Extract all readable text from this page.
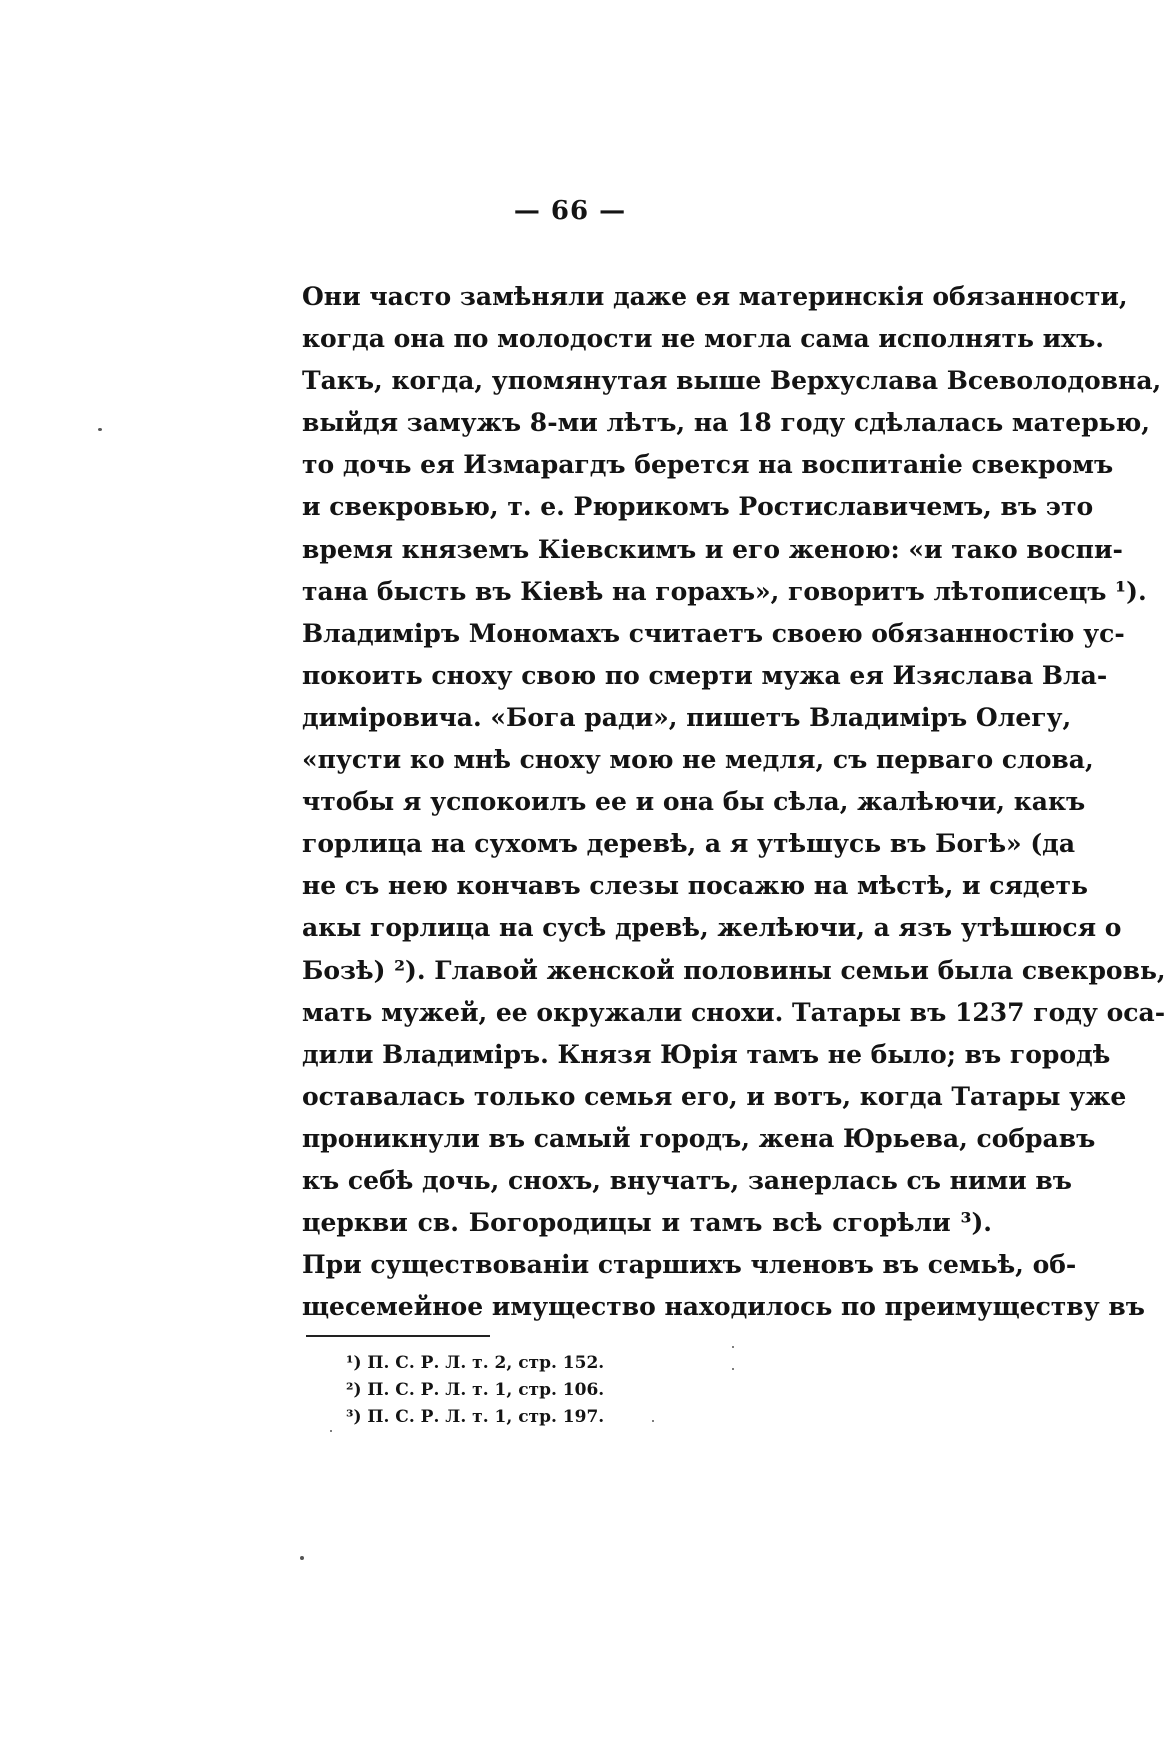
— 66 —
Они часто замѣняли даже ея материнскія обязанности,
когда она по молодости не могла сама исполнять ихъ.
Такъ, когда, упомянутая выше Верхуслава Всеволодовна,
выйдя замужъ 8-ми лѣтъ, на 18 году сдѣлалась матерью,
то дочь ея Измарагдъ берется на воспитаніе свекромъ
и свекровью, т. е. Рюрикомъ Ростиславичемъ, въ это
время княземъ Кіевскимъ и его женою: «и тако воспи-
тана бысть въ Кіевѣ на горахъ», говоритъ лѣтописецъ ¹).
Владиміръ Мономахъ считаетъ своею обязанностію ус-
покоить сноху свою по смерти мужа ея Изяслава Вла-
диміровича. «Бога ради», пишетъ Владиміръ Олегу,
«пусти ко мнѣ сноху мою не медля, съ перваго слова,
чтобы я успокоилъ ее и она бы сѣла, жалѣючи, какъ
горлица на сухомъ деревѣ, а я утѣшусь въ Богѣ» (да
не съ нею кончавъ слезы посажю на мѣстѣ, и сядеть
акы горлица на сусѣ древѣ, желѣючи, а язъ утѣшюся о
Бозѣ) ²). Главой женской половины семьи была свекровь,
мать мужей, ее окружали снохи. Татары въ 1237 году оса-
дили Владиміръ. Князя Юрія тамъ не было; въ городѣ
оставалась только семья его, и вотъ, когда Татары уже
проникнули въ самый городъ, жена Юрьева, собравъ
къ себѣ дочь, снохъ, внучатъ, занерлась съ ними въ
церкви св. Богородицы и тамъ всѣ сгорѣли ³).
При существованіи старшихъ членовъ въ семьѣ, об-
щесемейное имущество находилось по преимуществу въ
¹) П. С. Р. Л. т. 2, стр. 152.
²) П. С. Р. Л. т. 1, стр. 106.
³) П. С. Р. Л. т. 1, стр. 197.
